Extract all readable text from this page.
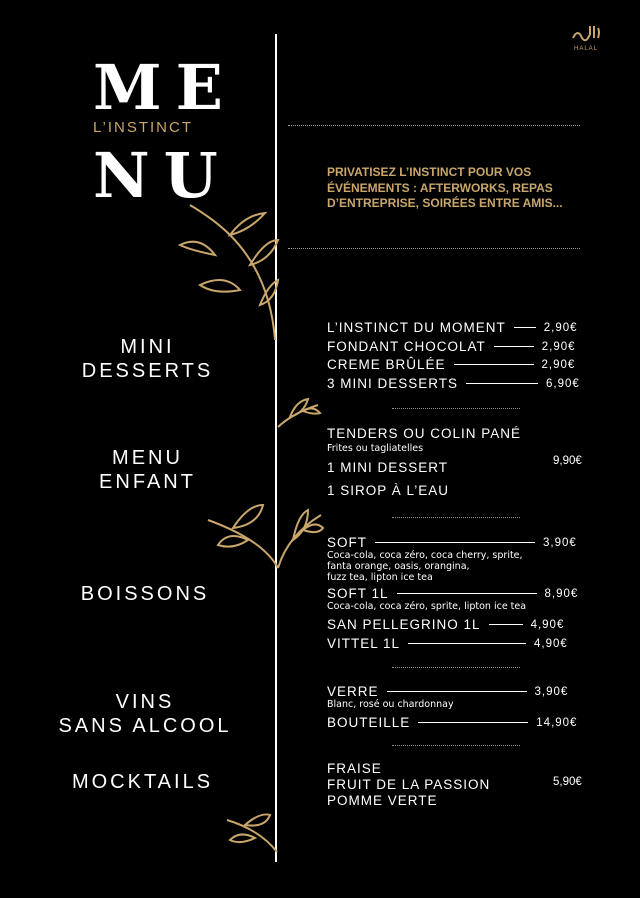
ME
L’INSTINCT
NU
HALAL
PRIVATISEZ L’INSTINCT POUR VOS
ÉVÉNEMENTS : AFTERWORKS, REPAS
D’ENTREPRISE, SOIRÉES ENTRE AMIS...
MINI
DESSERTS
L’INSTINCT DU MOMENT	2,90€
FONDANT CHOCOLAT	2,90€
CREME BRÛLÉE	2,90€
3 MINI DESSERTS	6,90€
MENU
ENFANT
TENDERS OU COLIN PANÉ
Frites ou tagliatelles
1 MINI DESSERT
1 SIROP À L’EAU
9,90€
BOISSONS
SOFT	3,90€
Coca-cola, coca zéro, coca cherry, sprite,
fanta orange, oasis, orangina,
fuzz tea, lipton ice tea
SOFT 1L	8,90€
Coca-cola, coca zéro, sprite, lipton ice tea
SAN PELLEGRINO 1L	4,90€
VITTEL 1L	4,90€
VINS
SANS ALCOOL
VERRE	3,90€
Blanc, rosé ou chardonnay
BOUTEILLE	14,90€
MOCKTAILS
FRAISE
FRUIT DE LA PASSION
POMME VERTE
5,90€
